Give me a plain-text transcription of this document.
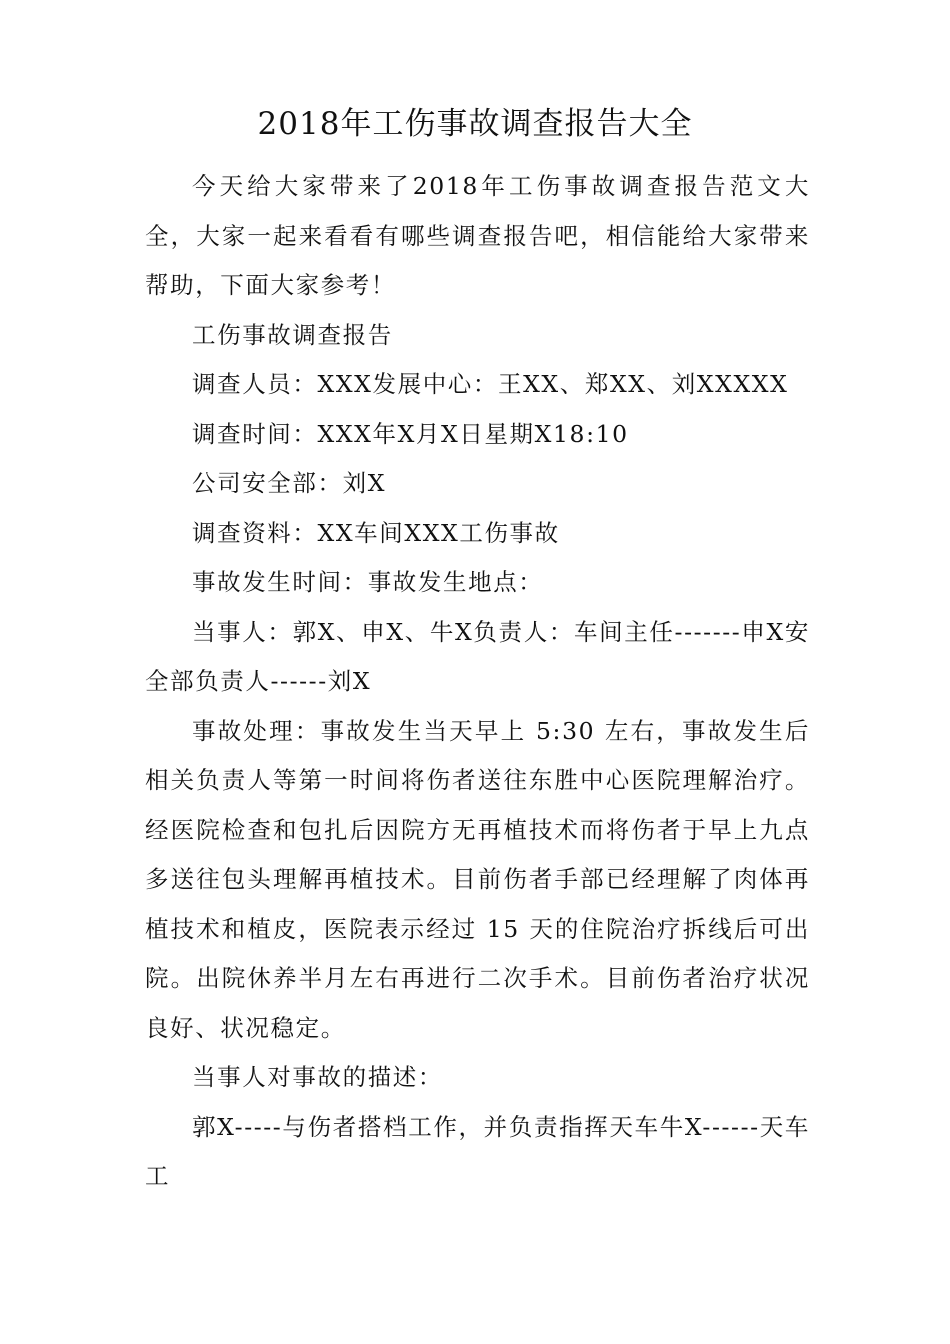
2018年工伤事故调查报告大全

今天给大家带来了2018年工伤事故调查报告范文大全，大家一起来看看有哪些调查报告吧，相信能给大家带来帮助，下面大家参考！

工伤事故调查报告

调查人员：XXX发展中心：王XX、郑XX、刘XXXXX

调查时间：XXX年X月X日星期X18:10

公司安全部：刘X

调查资料：XX车间XXX工伤事故

事故发生时间：事故发生地点：

当事人：郭X、申X、牛X负责人：车间主任-------申X安全部负责人------刘X

事故处理：事故发生当天早上 5:30 左右，事故发生后相关负责人等第一时间将伤者送往东胜中心医院理解治疗。经医院检查和包扎后因院方无再植技术而将伤者于早上九点多送往包头理解再植技术。目前伤者手部已经理解了肉体再植技术和植皮，医院表示经过 15 天的住院治疗拆线后可出院。出院休养半月左右再进行二次手术。目前伤者治疗状况良好、状况稳定。

当事人对事故的描述：

郭X-----与伤者搭档工作，并负责指挥天车牛X------天车工
